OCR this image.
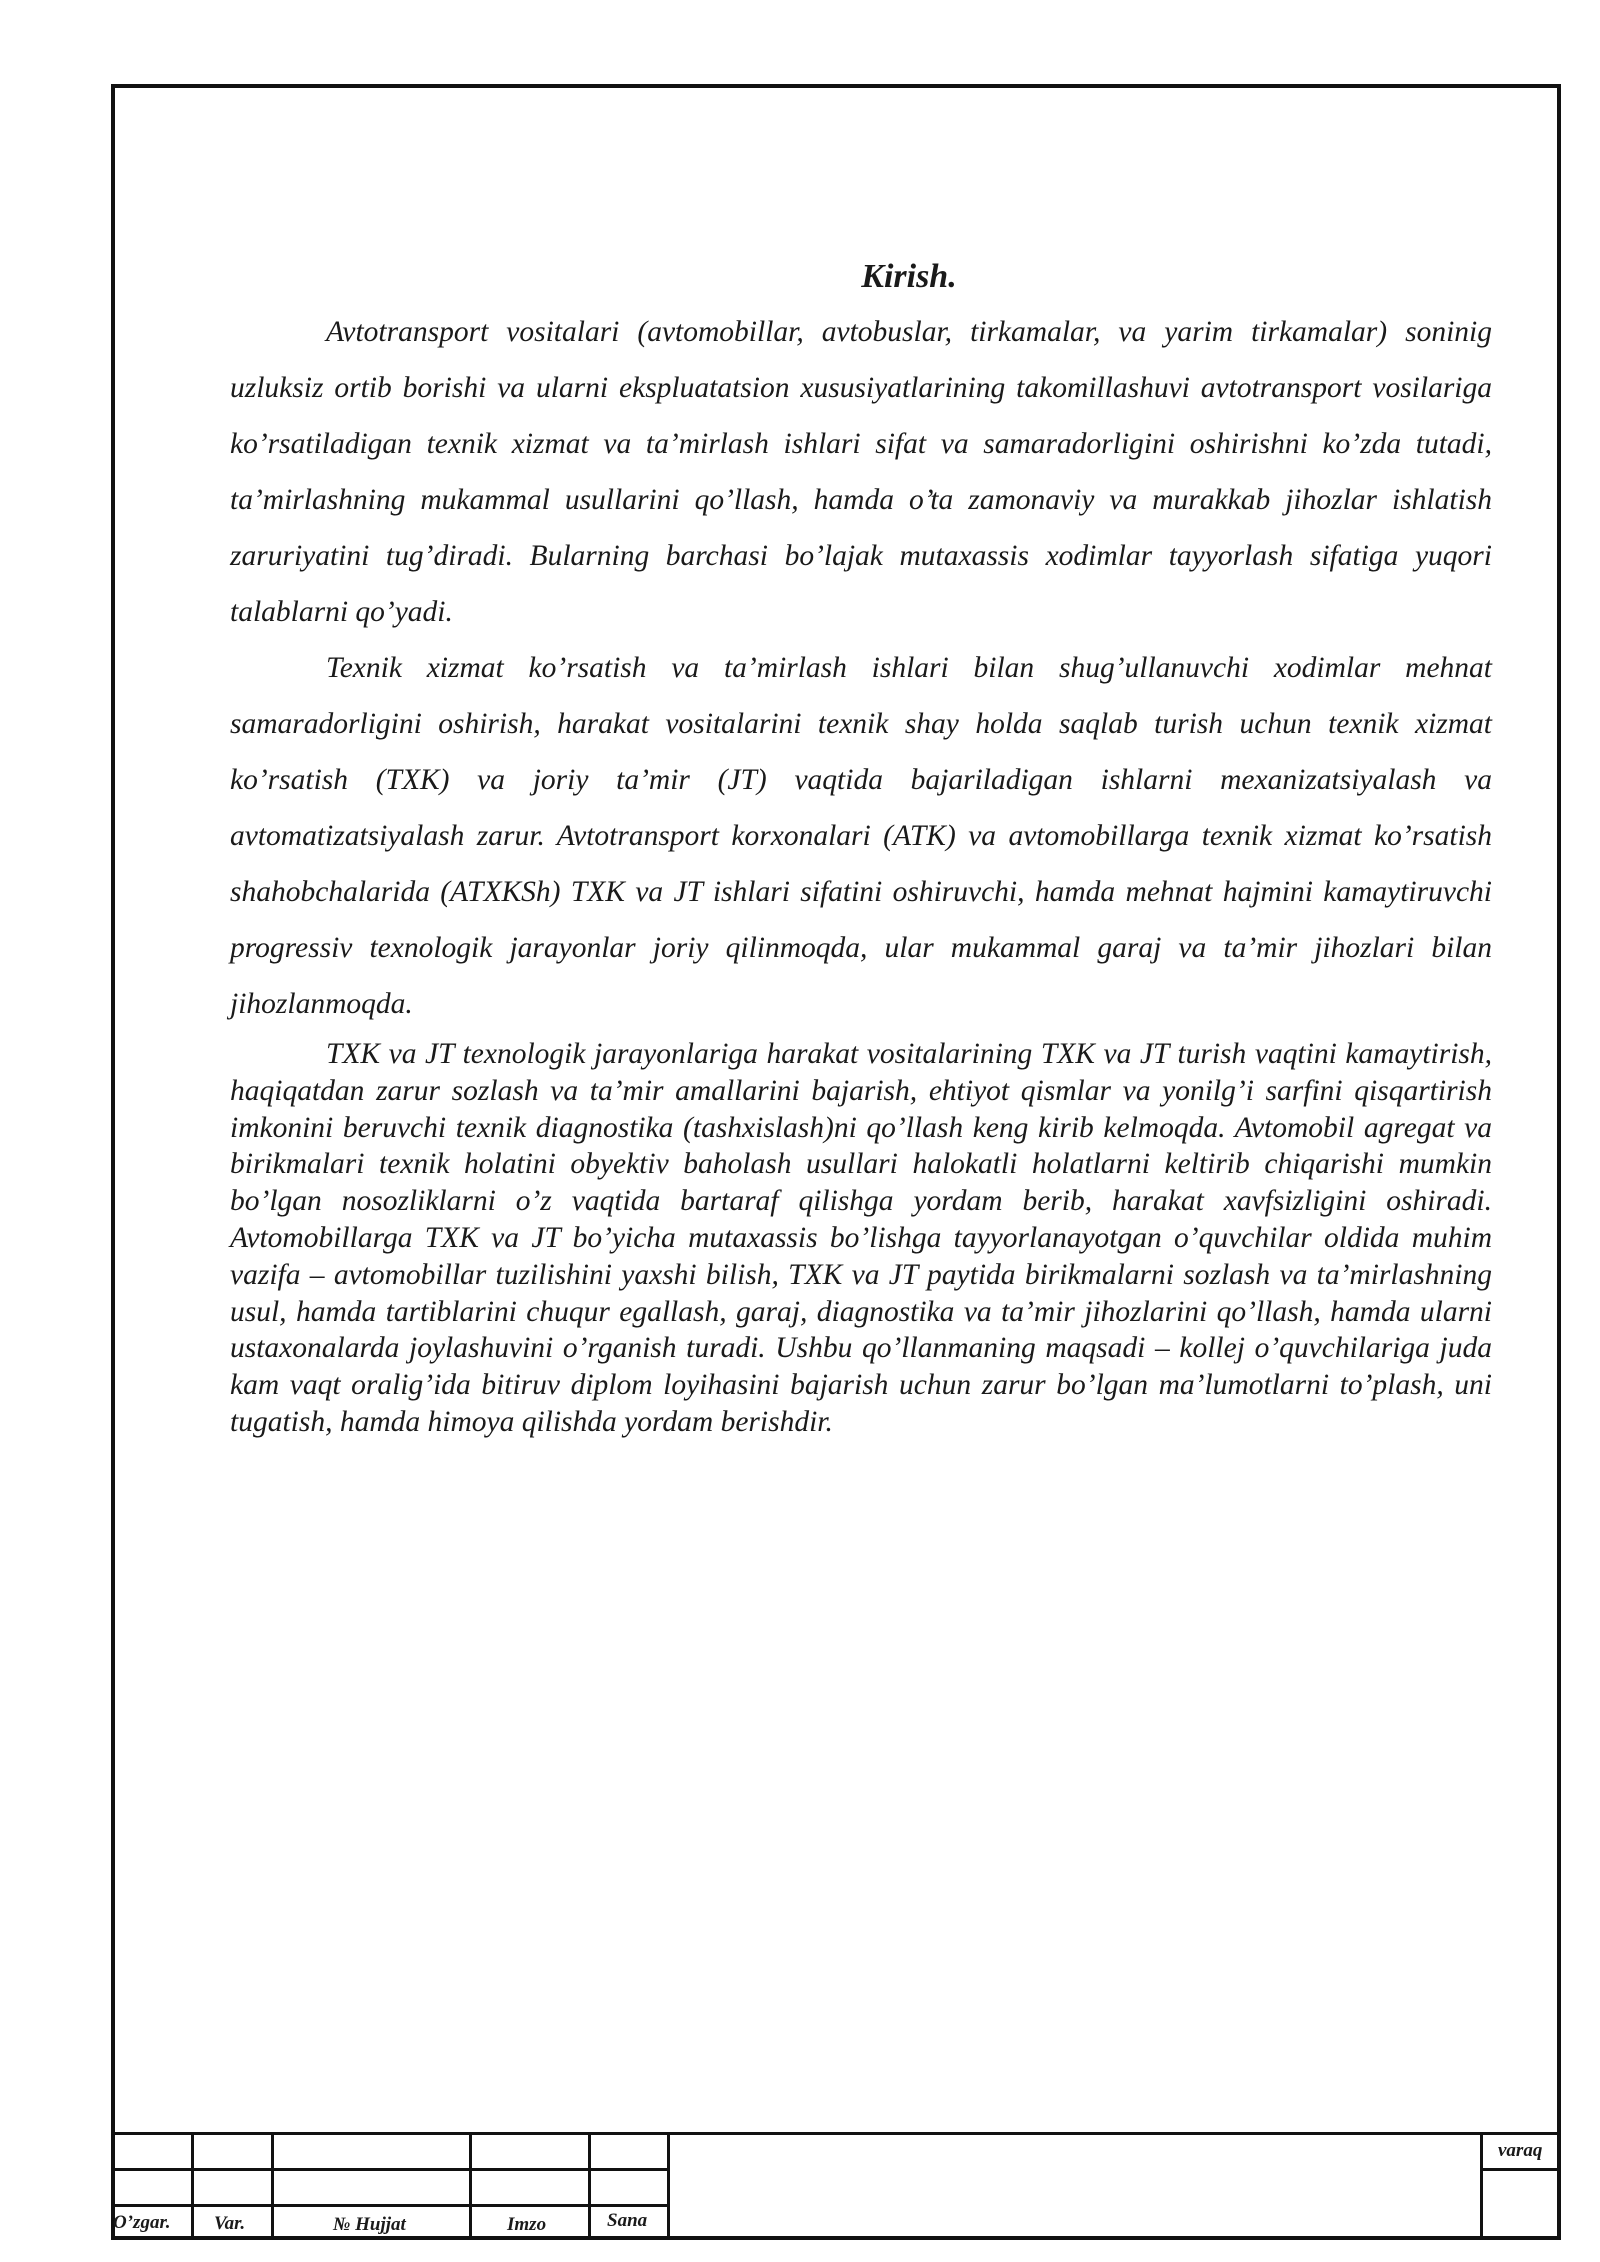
Kirish.

Avtotransport vositalari (avtomobillar, avtobuslar, tirkamalar, va yarim tirkamalar) soninig uzluksiz ortib borishi va ularni ekspluatatsion xususiyatlarining takomillashuvi avtotransport vosilariga ko’rsatiladigan texnik xizmat va ta’mirlash ishlari sifat va samaradorligini oshirishni ko’zda tutadi, ta’mirlashning mukammal usullarini qo’llash, hamda o’ta zamonaviy va murakkab jihozlar ishlatish zaruriyatini tug’diradi. Bularning barchasi bo’lajak mutaxassis xodimlar tayyorlash sifatiga yuqori talablarni qo’yadi.

Texnik xizmat ko’rsatish va ta’mirlash ishlari bilan shug’ullanuvchi xodimlar mehnat samaradorligini oshirish, harakat vositalarini texnik shay holda saqlab turish uchun texnik xizmat ko’rsatish (TXK) va joriy ta’mir (JT) vaqtida bajariladigan ishlarni mexanizatsiyalash va avtomatizatsiyalash zarur. Avtotransport korxonalari (ATK) va avtomobillarga texnik xizmat ko’rsatish shahobchalarida (ATXKSh) TXK va JT ishlari sifatini oshiruvchi, hamda mehnat hajmini kamaytiruvchi progressiv texnologik jarayonlar joriy qilinmoqda, ular mukammal garaj va ta’mir jihozlari bilan jihozlanmoqda.

TXK va JT texnologik jarayonlariga harakat vositalarining TXK va JT turish vaqtini kamaytirish, haqiqatdan zarur sozlash va ta’mir amallarini bajarish, ehtiyot qismlar va yonilg’i sarfini qisqartirish imkonini beruvchi texnik diagnostika (tashxislash)ni qo’llash keng kirib kelmoqda. Avtomobil agregat va birikmalari texnik holatini obyektiv baholash usullari halokatli holatlarni keltirib chiqarishi mumkin bo’lgan nosozliklarni o’z vaqtida bartaraf qilishga yordam berib, harakat xavfsizligini oshiradi. Avtomobillarga TXK va JT bo’yicha mutaxassis bo’lishga tayyorlanayotgan o’quvchilar oldida muhim vazifa – avtomobillar tuzilishini yaxshi bilish, TXK va JT paytida birikmalarni sozlash va ta’mirlashning usul, hamda tartiblarini chuqur egallash, garaj, diagnostika va ta’mir jihozlarini qo’llash, hamda ularni ustaxonalarda joylashuvini o’rganish turadi. Ushbu qo’llanmaning maqsadi – kollej o’quvchilariga juda kam vaqt oralig’ida bitiruv diplom loyihasini bajarish uchun zarur bo’lgan ma’lumotlarni to’plash, uni tugatish, hamda himoya qilishda yordam berishdir.

O’zgar. Var.	№ Hujjat	Imzo	Sana
varaq
